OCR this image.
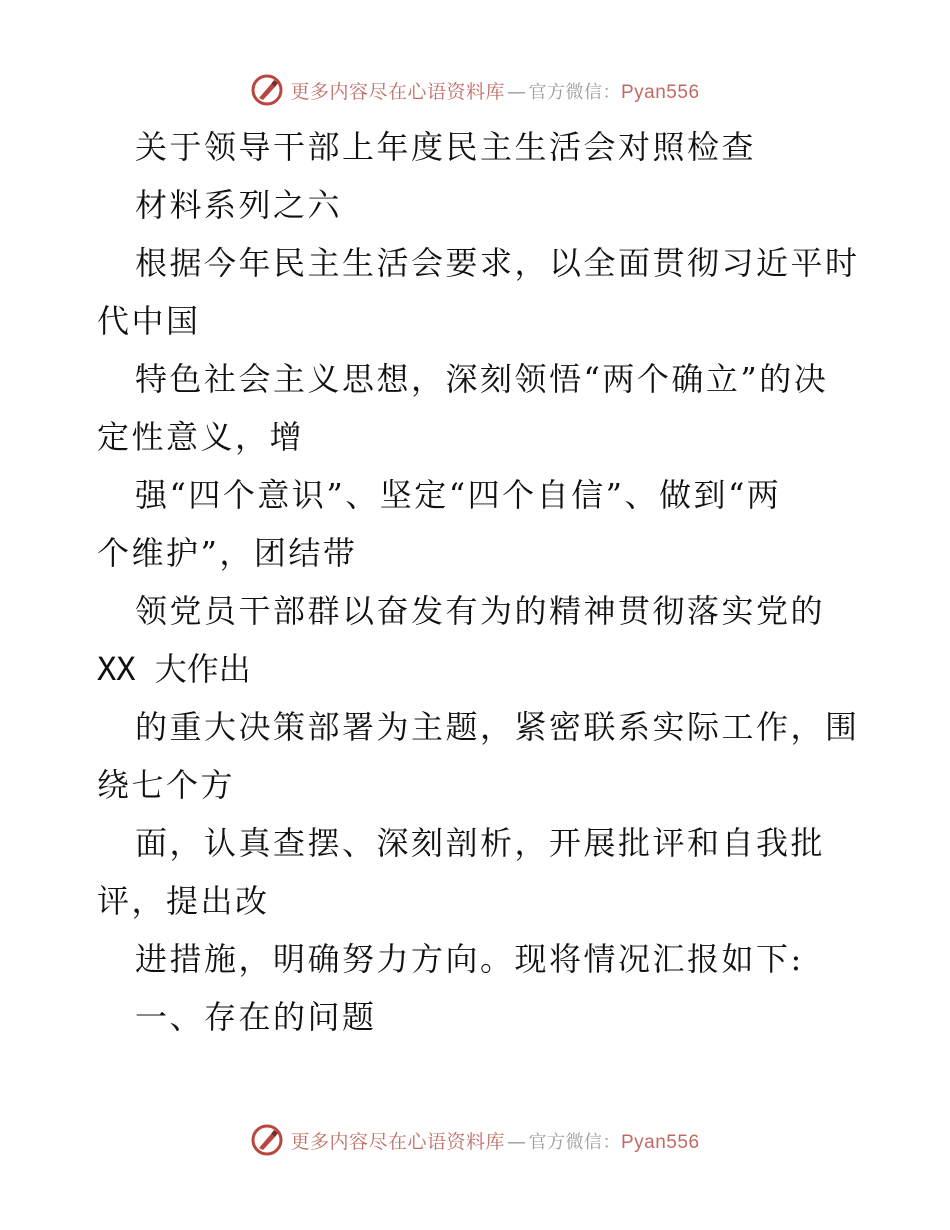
更多内容尽在心语资料库 — 官方微信：Pyan556
关于领导干部上年度民主生活会对照检查
材料系列之六
根据今年民主生活会要求，以全面贯彻习近平时
代中国
特色社会主义思想，深刻领悟“两个确立”的决
定性意义，增
强“四个意识”、坚定“四个自信”、做到“两
个维护”，团结带
领党员干部群以奋发有为的精神贯彻落实党的
XX 大作出
的重大决策部署为主题，紧密联系实际工作，围
绕七个方
面，认真查摆、深刻剖析，开展批评和自我批
评，提出改
进措施，明确努力方向。现将情况汇报如下:
一、存在的问题
更多内容尽在心语资料库 — 官方微信：Pyan556
